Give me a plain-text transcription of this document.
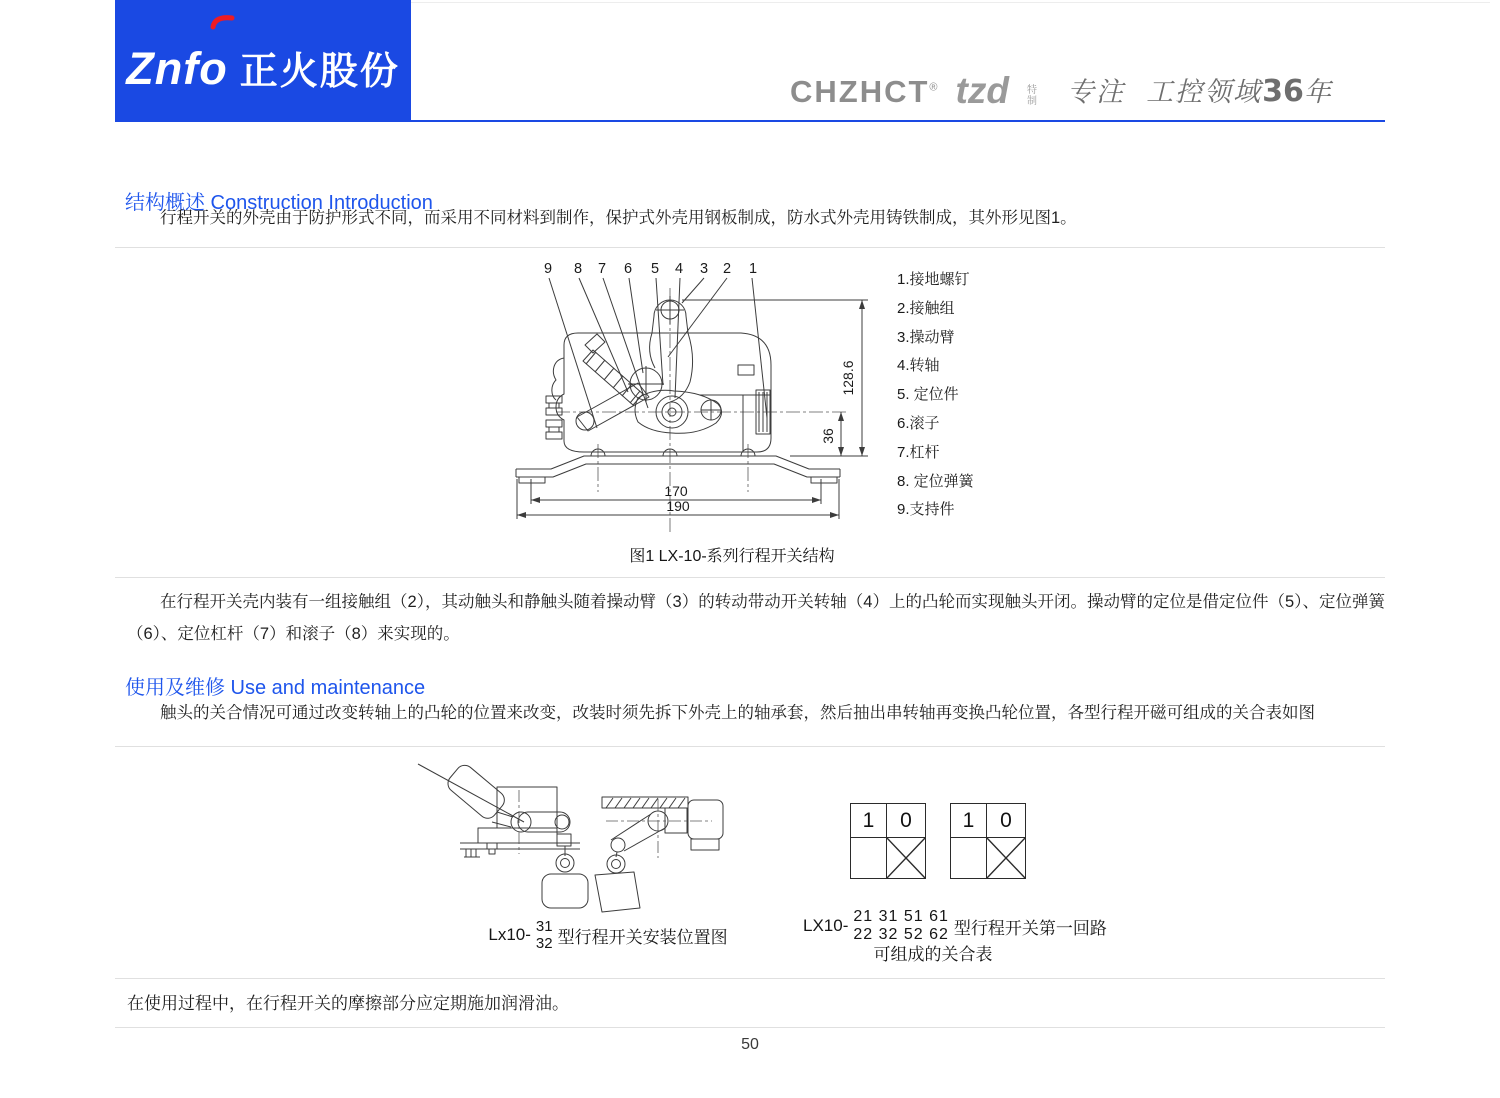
Znfo 正火股份	CHZHCT® tzd 特
制 专注 工控领域36年
结构概述 Construction Introduction

行程开关的外壳由于防护形式不同，而采用不同材料到制作，保护式外壳用钢板制成，防水式外壳用铸铁制成，其外形见图1。

9 8 7 6 5 4 3 2 1
128.6
36
170
190
1.接地螺钉
2.接触组
3.操动臂
4.转轴
5. 定位件
6.滚子
7.杠杆
8. 定位弹簧
9.支持件
图1 LX-10-系列行程开关结构

在行程开关壳内装有一组接触组（2），其动触头和静触头随着操动臂（3）的转动带动开关转轴（4）上的凸轮而实现触头开闭。操动臂的定位是借定位件（5）、定位弹簧（6）、定位杠杆（7）和滚子（8）来实现的。

使用及维修 Use and maintenance

触头的关合情况可通过改变转轴上的凸轮的位置来改变，改装时须先拆下外壳上的轴承套，然后抽出串转轴再变换凸轮位置，各型行程开磁可组成的关合表如图

Lx10- 31
32 型行程开关安装位置图
1	0	1	0
LX10- 21 31 51 61
22 32 52 62 型行程开关第一回路
可组成的关合表

在使用过程中，在行程开关的摩擦部分应定期施加润滑油。

50
